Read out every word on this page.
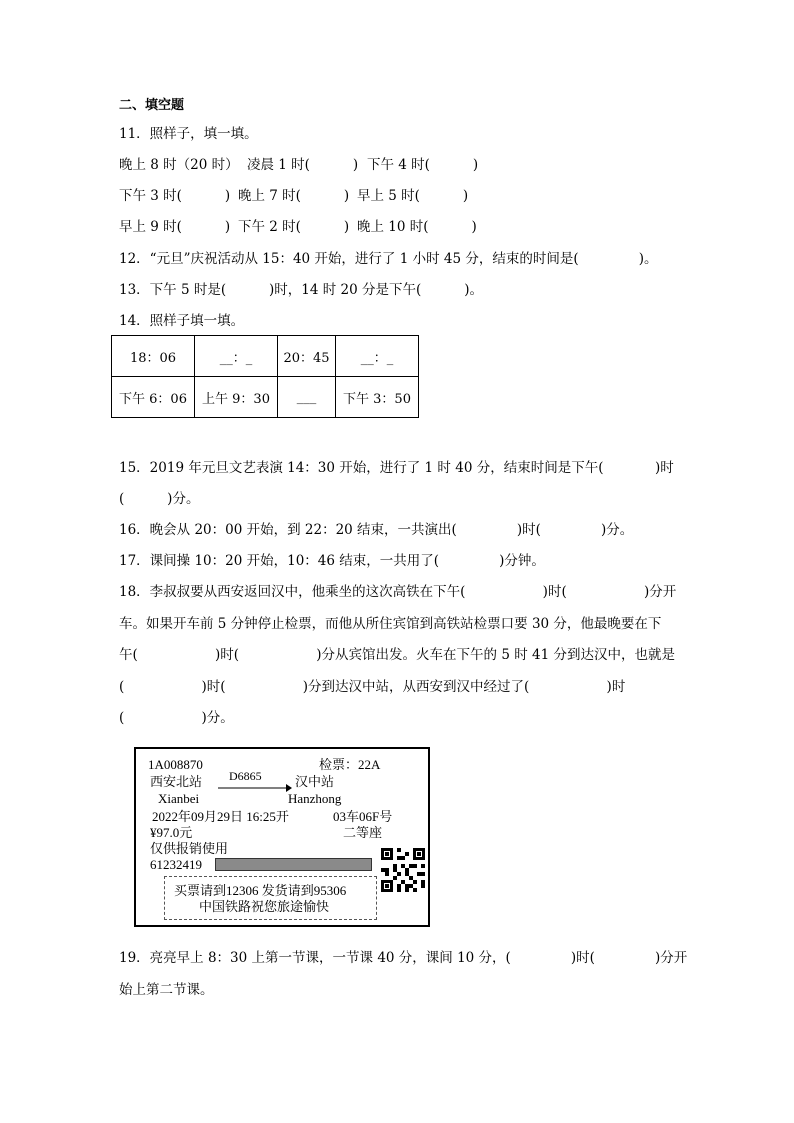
二、填空题
11．照样子，填一填。
晚上 8 时（20 时） 凌晨 1 时(          ) 下午 4 时(          )
下午 3 时(          ) 晚上 7 时(          ) 早上 5 时(          )
早上 9 时(          ) 下午 2 时(          ) 晚上 10 时(          )
12．“元旦”庆祝活动从 15：40 开始，进行了 1 小时 45 分，结束的时间是(              )。
13．下午 5 时是(          )时，14 时 20 分是下午(          )。
14．照样子填一填。
18：06	__：_	20：45	__：_
下午 6：06	上午 9：30	___	下午 3：50
15．2019 年元旦文艺表演 14：30 开始，进行了 1 时 40 分，结束时间是下午(            )时
(          )分。
16．晚会从 20：00 开始，到 22：20 结束，一共演出(              )时(              )分。
17．课间操 10：20 开始，10：46 结束，一共用了(              )分钟。
18．李叔叔要从西安返回汉中，他乘坐的这次高铁在下午(                  )时(                  )分开
车。如果开车前 5 分钟停止检票，而他从所住宾馆到高铁站检票口要 30 分，他最晚要在下
午(                  )时(                  )分从宾馆出发。火车在下午的 5 时 41 分到达汉中，也就是
(                  )时(                  )分到达汉中站，从西安到汉中经过了(                  )时
(                  )分。
1A008870	检票：22A
西安北站 D6865	汉中站
Xianbei	Hanzhong
2022年09月29日 16:25开	03车06F号
¥97.0元	二等座
仅供报销使用
61232419
买票请到12306 发货请到95306
中国铁路祝您旅途愉快
19．亮亮早上 8：30 上第一节课，一节课 40 分，课间 10 分，(              )时(              )分开
始上第二节课。
